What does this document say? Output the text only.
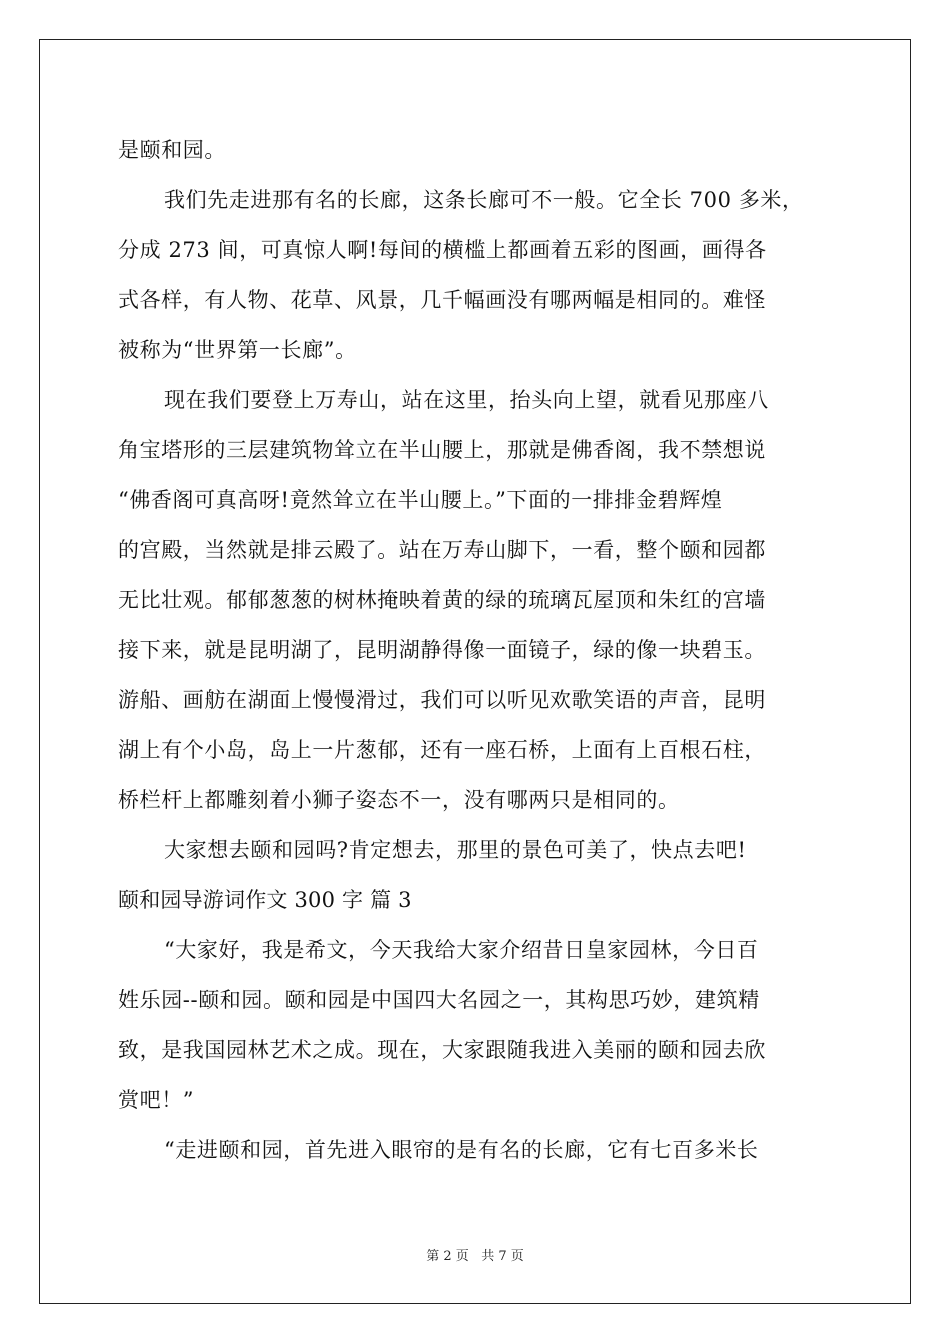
是颐和园。
我们先走进那有名的长廊，这条长廊可不一般。它全长 700 多米，
分成 273 间，可真惊人啊!每间的横槛上都画着五彩的图画，画得各
式各样，有人物、花草、风景，几千幅画没有哪两幅是相同的。难怪
被称为“世界第一长廊”。
现在我们要登上万寿山，站在这里，抬头向上望，就看见那座八
角宝塔形的三层建筑物耸立在半山腰上，那就是佛香阁，我不禁想说
“佛香阁可真高呀!竟然耸立在半山腰上。”下面的一排排金碧辉煌
的宫殿，当然就是排云殿了。站在万寿山脚下，一看，整个颐和园都
无比壮观。郁郁葱葱的树林掩映着黄的绿的琉璃瓦屋顶和朱红的宫墙
接下来，就是昆明湖了，昆明湖静得像一面镜子，绿的像一块碧玉。
游船、画舫在湖面上慢慢滑过，我们可以听见欢歌笑语的声音，昆明
湖上有个小岛，岛上一片葱郁，还有一座石桥，上面有上百根石柱，
桥栏杆上都雕刻着小狮子姿态不一，没有哪两只是相同的。
大家想去颐和园吗?肯定想去，那里的景色可美了，快点去吧!
颐和园导游词作文 300 字 篇 3
“大家好，我是希文，今天我给大家介绍昔日皇家园林，今日百
姓乐园--颐和园。颐和园是中国四大名园之一，其构思巧妙，建筑精
致，是我国园林艺术之成。现在，大家跟随我进入美丽的颐和园去欣
赏吧！”
“走进颐和园，首先进入眼帘的是有名的长廊，它有七百多米长
第 2 页   共 7 页
